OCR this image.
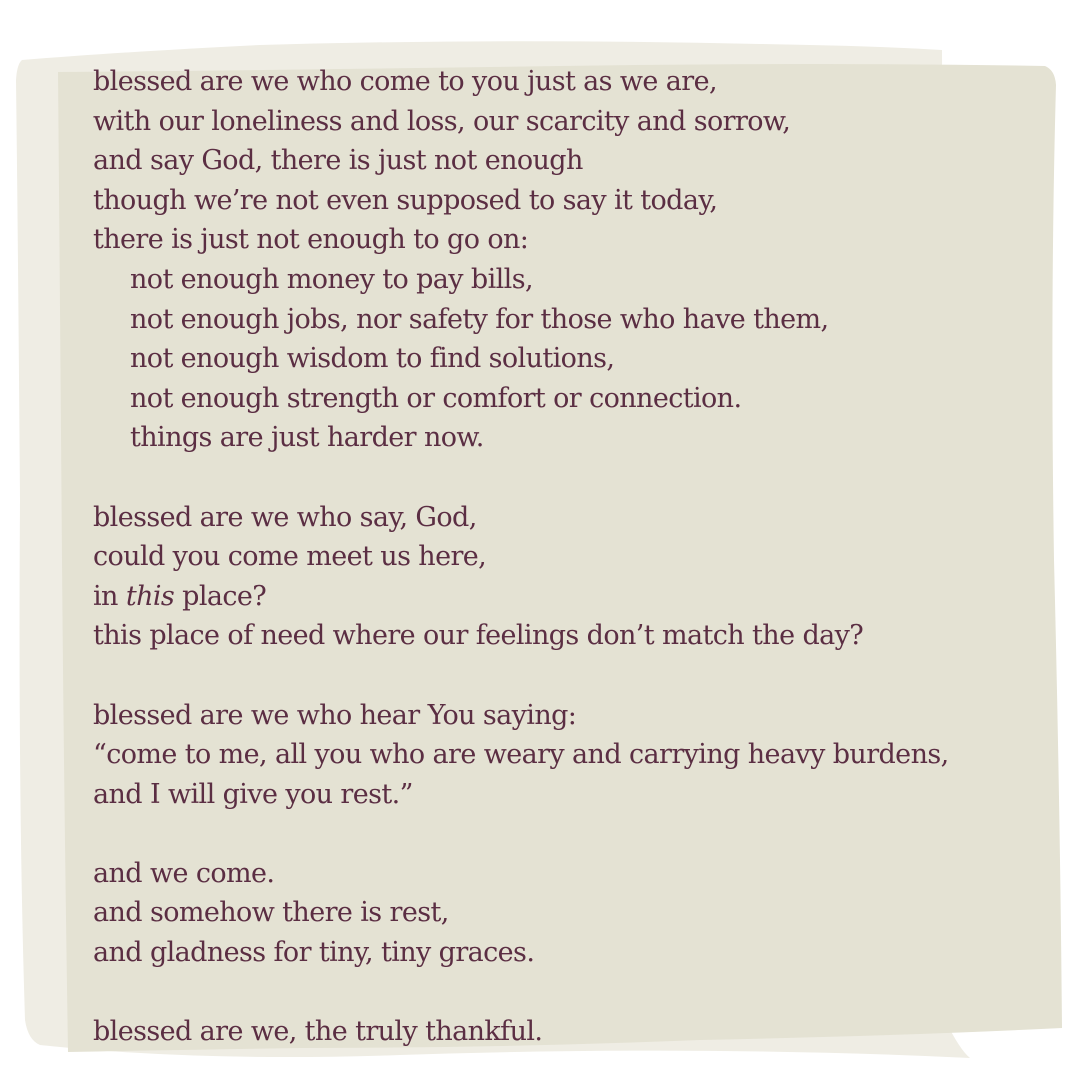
blessed are we who come to you just as we are,
with our loneliness and loss, our scarcity and sorrow,
and say God, there is just not enough
though we’re not even supposed to say it today,
there is just not enough to go on:
not enough money to pay bills,
not enough jobs, nor safety for those who have them,
not enough wisdom to find solutions,
not enough strength or comfort or connection.
things are just harder now.
blessed are we who say, God,
could you come meet us here,
in this place?
this place of need where our feelings don’t match the day?
blessed are we who hear You saying:
“come to me, all you who are weary and carrying heavy burdens,
and I will give you rest.”
and we come.
and somehow there is rest,
and gladness for tiny, tiny graces.
blessed are we, the truly thankful.
